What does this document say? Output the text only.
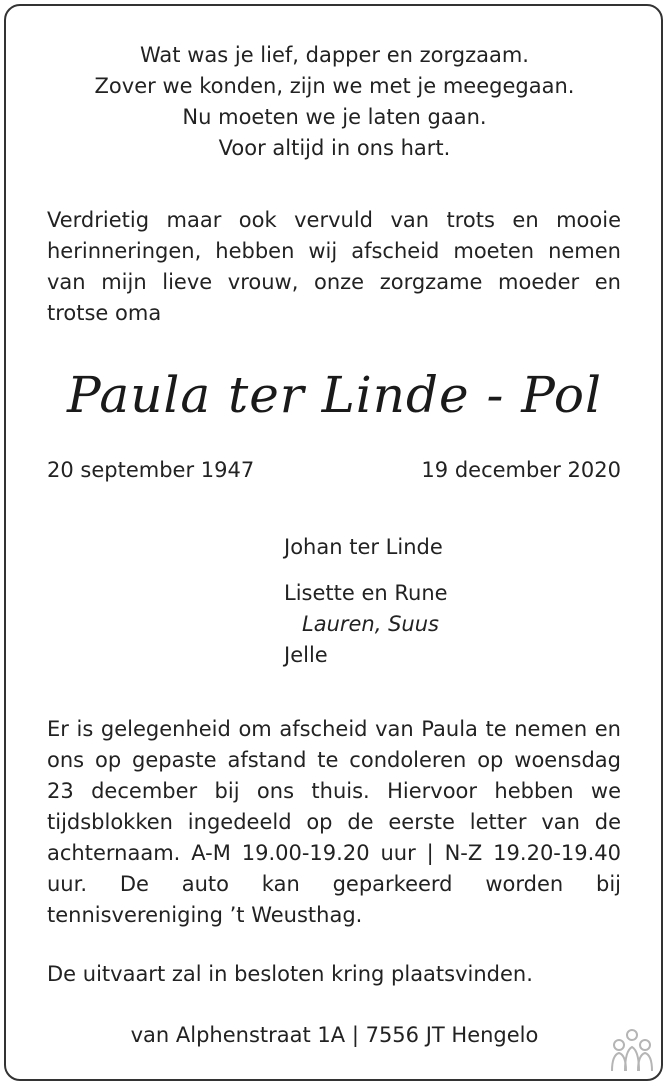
Wat was je lief, dapper en zorgzaam.
Zover we konden, zijn we met je meegegaan.
Nu moeten we je laten gaan.
Voor altijd in ons hart.
Verdrietig maar ook vervuld van trots en mooie herinneringen, hebben wij afscheid moeten nemen van mijn lieve vrouw, onze zorgzame moeder en trotse oma
Paula ter Linde - Pol
20 september 1947	19 december 2020
Johan ter Linde
Lisette en Rune
Lauren, Suus
Jelle
Er is gelegenheid om afscheid van Paula te nemen en ons op gepaste afstand te condoleren op woensdag 23 december bij ons thuis. Hiervoor hebben we tijdsblokken ingedeeld op de eerste letter van de achternaam. A-M 19.00-19.20 uur | N-Z 19.20-19.40 uur. De auto kan geparkeerd worden bij tennisvereniging ’t Weusthag.
De uitvaart zal in besloten kring plaatsvinden.
van Alphenstraat 1A | 7556 JT Hengelo
